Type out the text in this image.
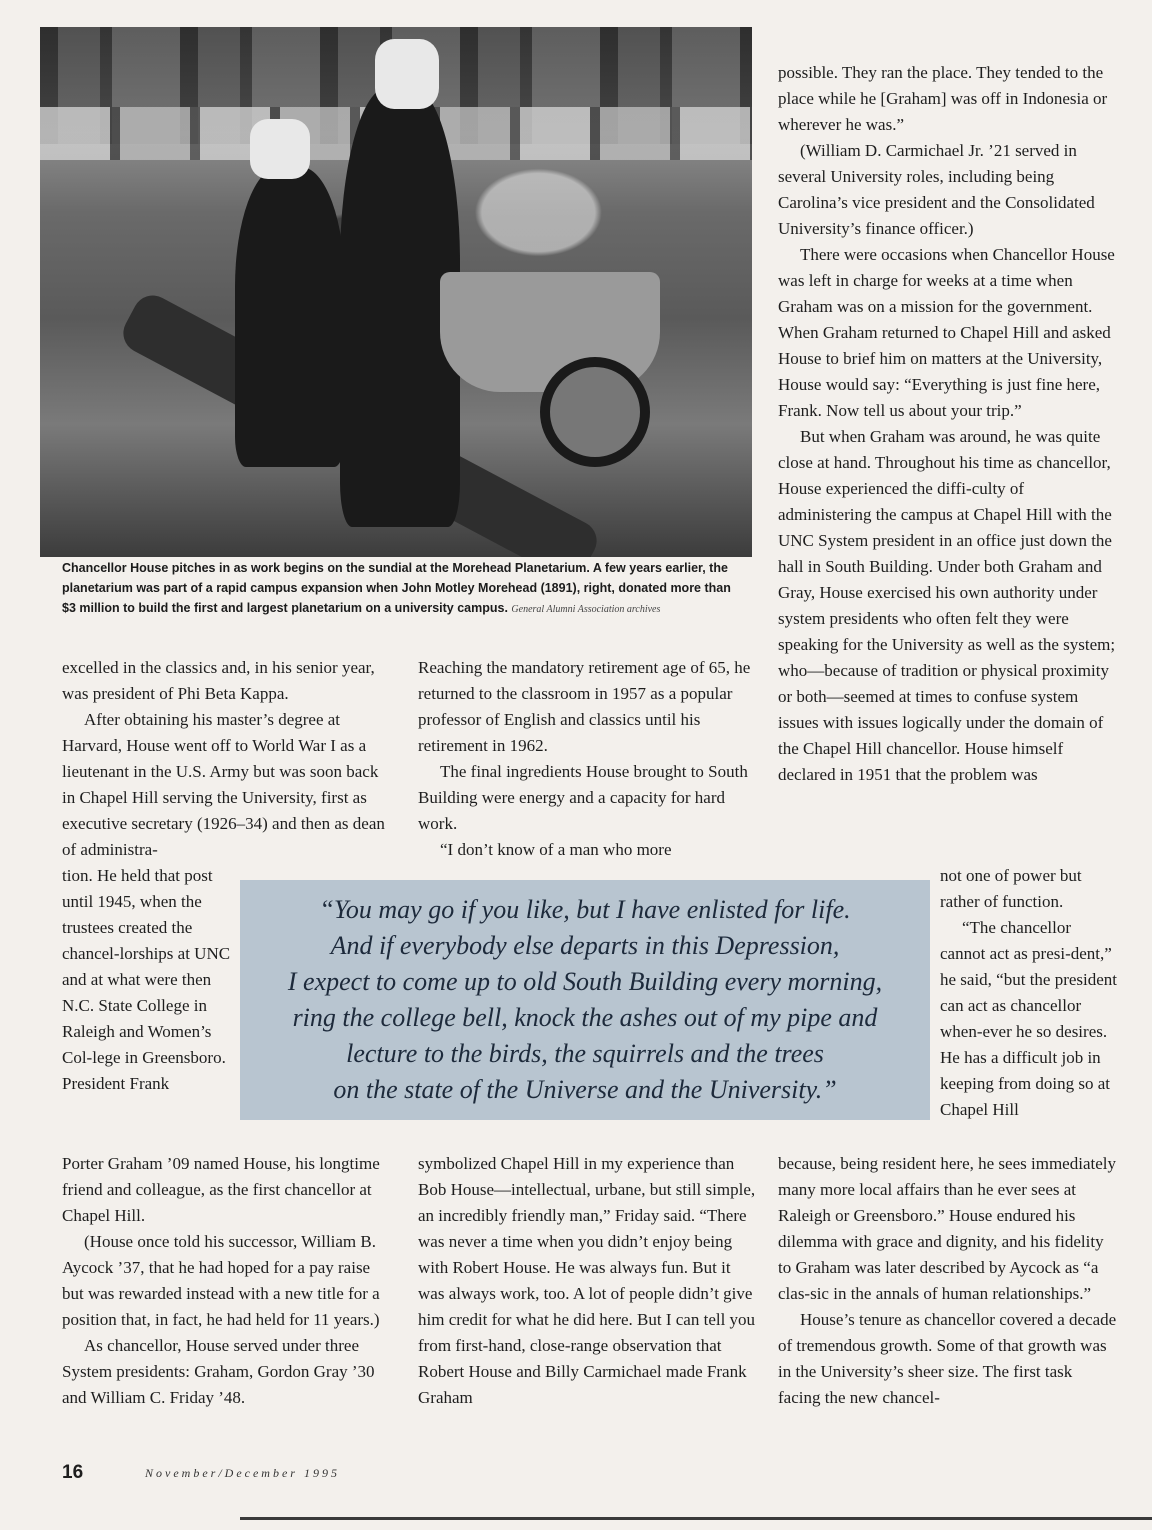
Chancellor House pitches in as work begins on the sundial at the Morehead Planetarium. A few years earlier, the planetarium was part of a rapid campus expansion when John Motley Morehead (1891), right, donated more than $3 million to build the first and largest planetarium on a university campus. General Alumni Association archives

excelled in the classics and, in his senior year, was president of Phi Beta Kappa.

After obtaining his master’s degree at Harvard, House went off to World War I as a lieutenant in the U.S. Army but was soon back in Chapel Hill serving the University, first as executive secretary (1926–34) and then as dean of administra-

Reaching the mandatory retirement age of 65, he returned to the classroom in 1957 as a popular professor of English and classics until his retirement in 1962.

The final ingredients House brought to South Building were energy and a capacity for hard work.

“I don’t know of a man who more

possible. They ran the place. They tended to the place while he [Graham] was off in Indonesia or wherever he was.”

(William D. Carmichael Jr. ’21 served in several University roles, including being Carolina’s vice president and the Consolidated University’s finance officer.)

There were occasions when Chancellor House was left in charge for weeks at a time when Graham was on a mission for the government. When Graham returned to Chapel Hill and asked House to brief him on matters at the University, House would say: “Everything is just fine here, Frank. Now tell us about your trip.”

But when Graham was around, he was quite close at hand. Throughout his time as chancellor, House experienced the diffi-culty of administering the campus at Chapel Hill with the UNC System president in an office just down the hall in South Building. Under both Graham and Gray, House exercised his own authority under system presidents who often felt they were speaking for the University as well as the system; who—because of tradition or physical proximity or both—seemed at times to confuse system issues with issues logically under the domain of the Chapel Hill chancellor. House himself declared in 1951 that the problem was

tion. He held that post until 1945, when the trustees created the chancel-lorships at UNC and at what were then N.C. State College in Raleigh and Women’s Col-lege in Greensboro. President Frank

“You may go if you like, but I have enlisted for life.
And if everybody else departs in this Depression,
I expect to come up to old South Building every morning,
ring the college bell, knock the ashes out of my pipe and
lecture to the birds, the squirrels and the trees
on the state of the Universe and the University.”

not one of power but rather of function.

“The chancellor cannot act as presi-dent,” he said, “but the president can act as chancellor when-ever he so desires. He has a difficult job in keeping from doing so at Chapel Hill

Porter Graham ’09 named House, his longtime friend and colleague, as the first chancellor at Chapel Hill.

(House once told his successor, William B. Aycock ’37, that he had hoped for a pay raise but was rewarded instead with a new title for a position that, in fact, he had held for 11 years.)

As chancellor, House served under three System presidents: Graham, Gordon Gray ’30 and William C. Friday ’48.

symbolized Chapel Hill in my experience than Bob House—intellectual, urbane, but still simple, an incredibly friendly man,” Friday said. “There was never a time when you didn’t enjoy being with Robert House. He was always fun. But it was always work, too. A lot of people didn’t give him credit for what he did here. But I can tell you from first-hand, close-range observation that Robert House and Billy Carmichael made Frank Graham

because, being resident here, he sees immediately many more local affairs than he ever sees at Raleigh or Greensboro.” House endured his dilemma with grace and dignity, and his fidelity to Graham was later described by Aycock as “a clas-sic in the annals of human relationships.”

House’s tenure as chancellor covered a decade of tremendous growth. Some of that growth was in the University’s sheer size. The first task facing the new chancel-

16	November/December 1995
